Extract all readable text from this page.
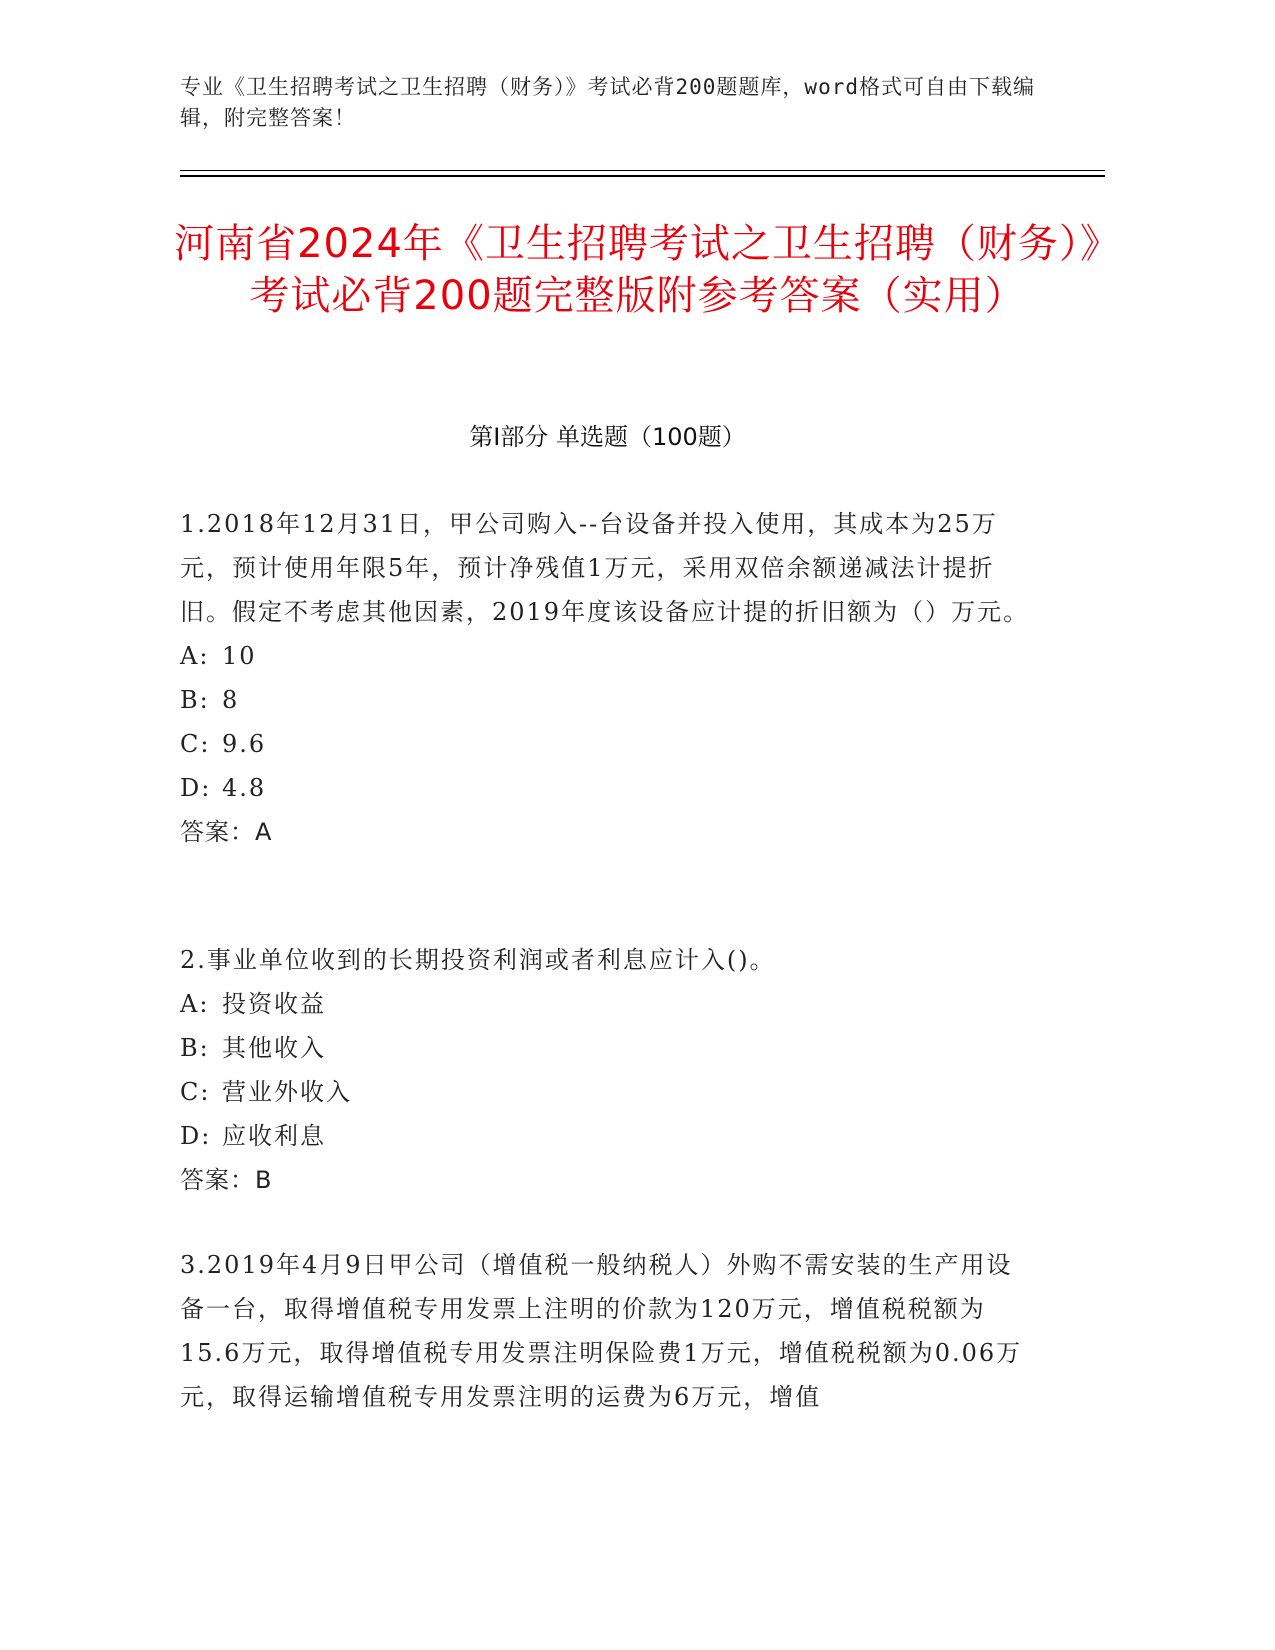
专业《卫生招聘考试之卫生招聘（财务）》考试必背200题题库，word格式可自由下载编辑，附完整答案！
河南省2024年《卫生招聘考试之卫生招聘（财务）》考试必背200题完整版附参考答案（实用）
第I部分 单选题（100题）

1.2018年12月31日，甲公司购入--台设备并投入使用，其成本为25万元，预计使用年限5年，预计净残值1万元，采用双倍余额递减法计提折旧。假定不考虑其他因素，2019年度该设备应计提的折旧额为（）万元。

A: 10

B: 8

C: 9.6

D: 4.8

答案：A

2.事业单位收到的长期投资利润或者利息应计入()。

A: 投资收益

B: 其他收入

C: 营业外收入

D: 应收利息

答案：B

3.2019年4月9日甲公司（增值税一般纳税人）外购不需安装的生产用设备一台，取得增值税专用发票上注明的价款为120万元，增值税税额为15.6万元，取得增值税专用发票注明保险费1万元，增值税税额为0.06万元，取得运输增值税专用发票注明的运费为6万元，增值
